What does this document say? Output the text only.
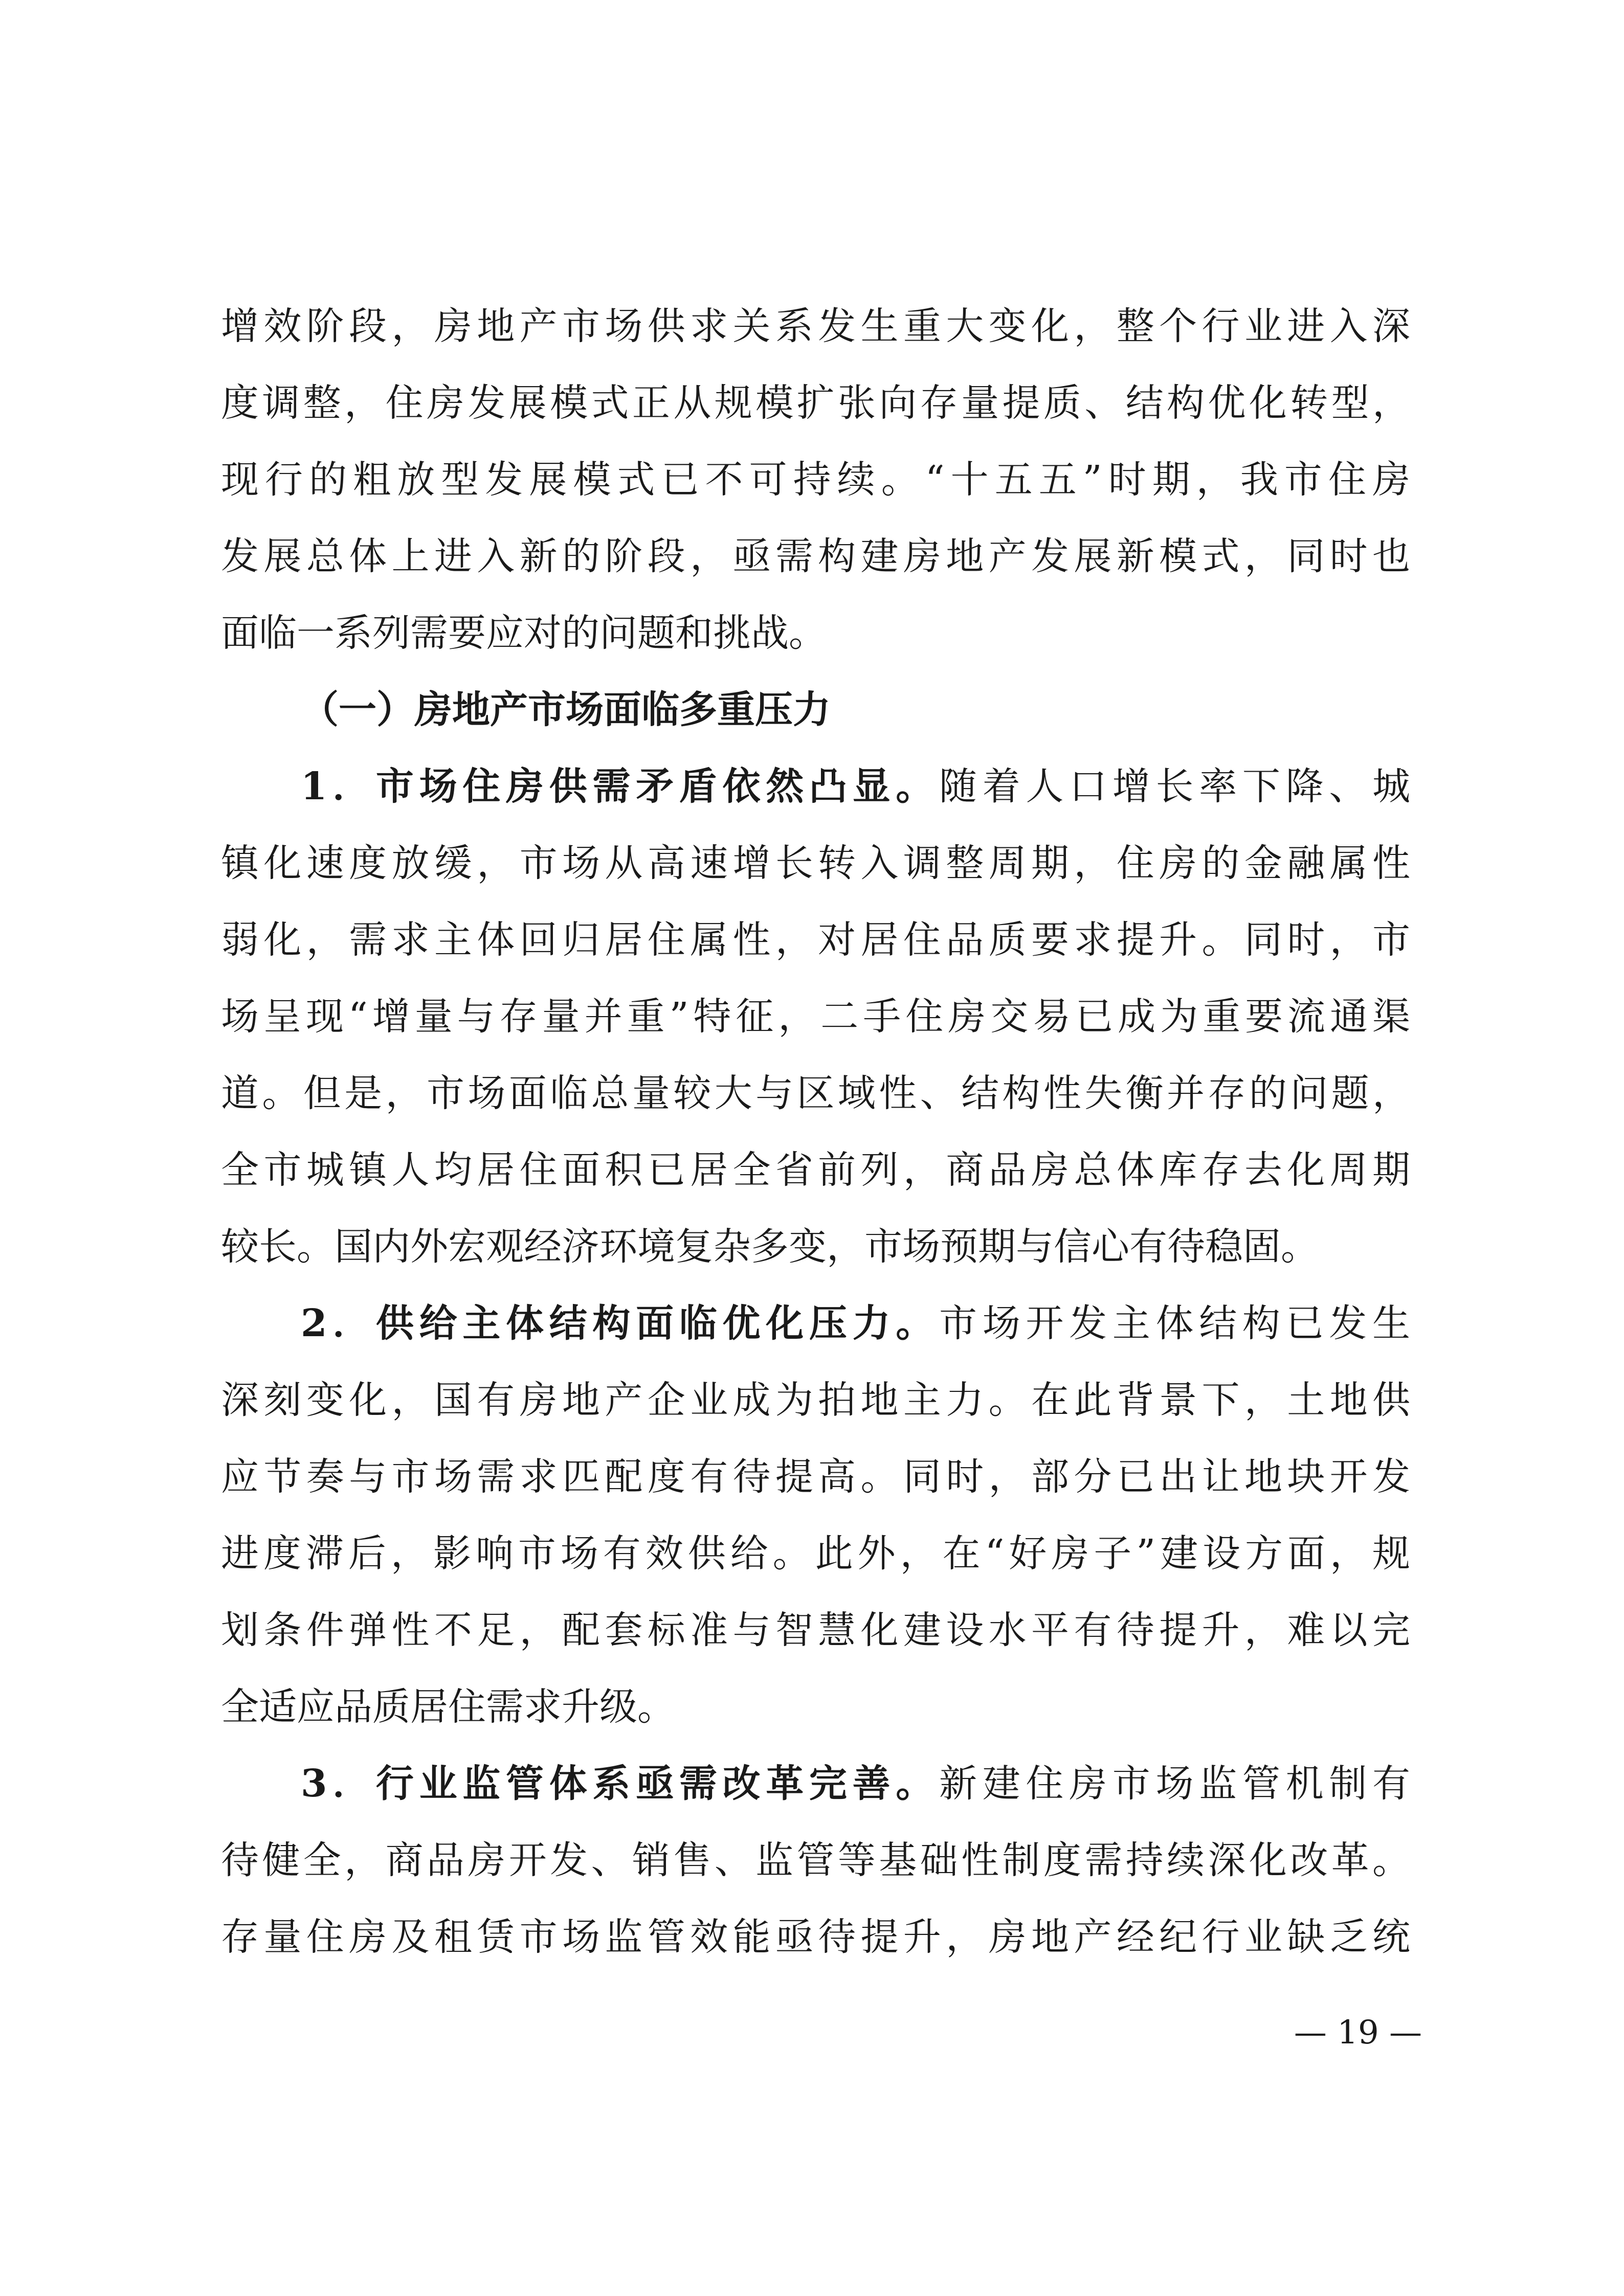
增效阶段，房地产市场供求关系发生重大变化，整个行业进入深
度调整，住房发展模式正从规模扩张向存量提质、结构优化转型，
现行的粗放型发展模式已不可持续。“十五五”时期，我市住房
发展总体上进入新的阶段，亟需构建房地产发展新模式，同时也
面临一系列需要应对的问题和挑战。
（一）房地产市场面临多重压力
1．市场住房供需矛盾依然凸显。随着人口增长率下降、城
镇化速度放缓，市场从高速增长转入调整周期，住房的金融属性
弱化，需求主体回归居住属性，对居住品质要求提升。同时，市
场呈现“增量与存量并重”特征，二手住房交易已成为重要流通渠
道。但是，市场面临总量较大与区域性、结构性失衡并存的问题，
全市城镇人均居住面积已居全省前列，商品房总体库存去化周期
较长。国内外宏观经济环境复杂多变，市场预期与信心有待稳固。
2．供给主体结构面临优化压力。市场开发主体结构已发生
深刻变化，国有房地产企业成为拍地主力。在此背景下，土地供
应节奏与市场需求匹配度有待提高。同时，部分已出让地块开发
进度滞后，影响市场有效供给。此外，在“好房子”建设方面，规
划条件弹性不足，配套标准与智慧化建设水平有待提升，难以完
全适应品质居住需求升级。
3．行业监管体系亟需改革完善。新建住房市场监管机制有
待健全，商品房开发、销售、监管等基础性制度需持续深化改革。
存量住房及租赁市场监管效能亟待提升，房地产经纪行业缺乏统
— 19 —
